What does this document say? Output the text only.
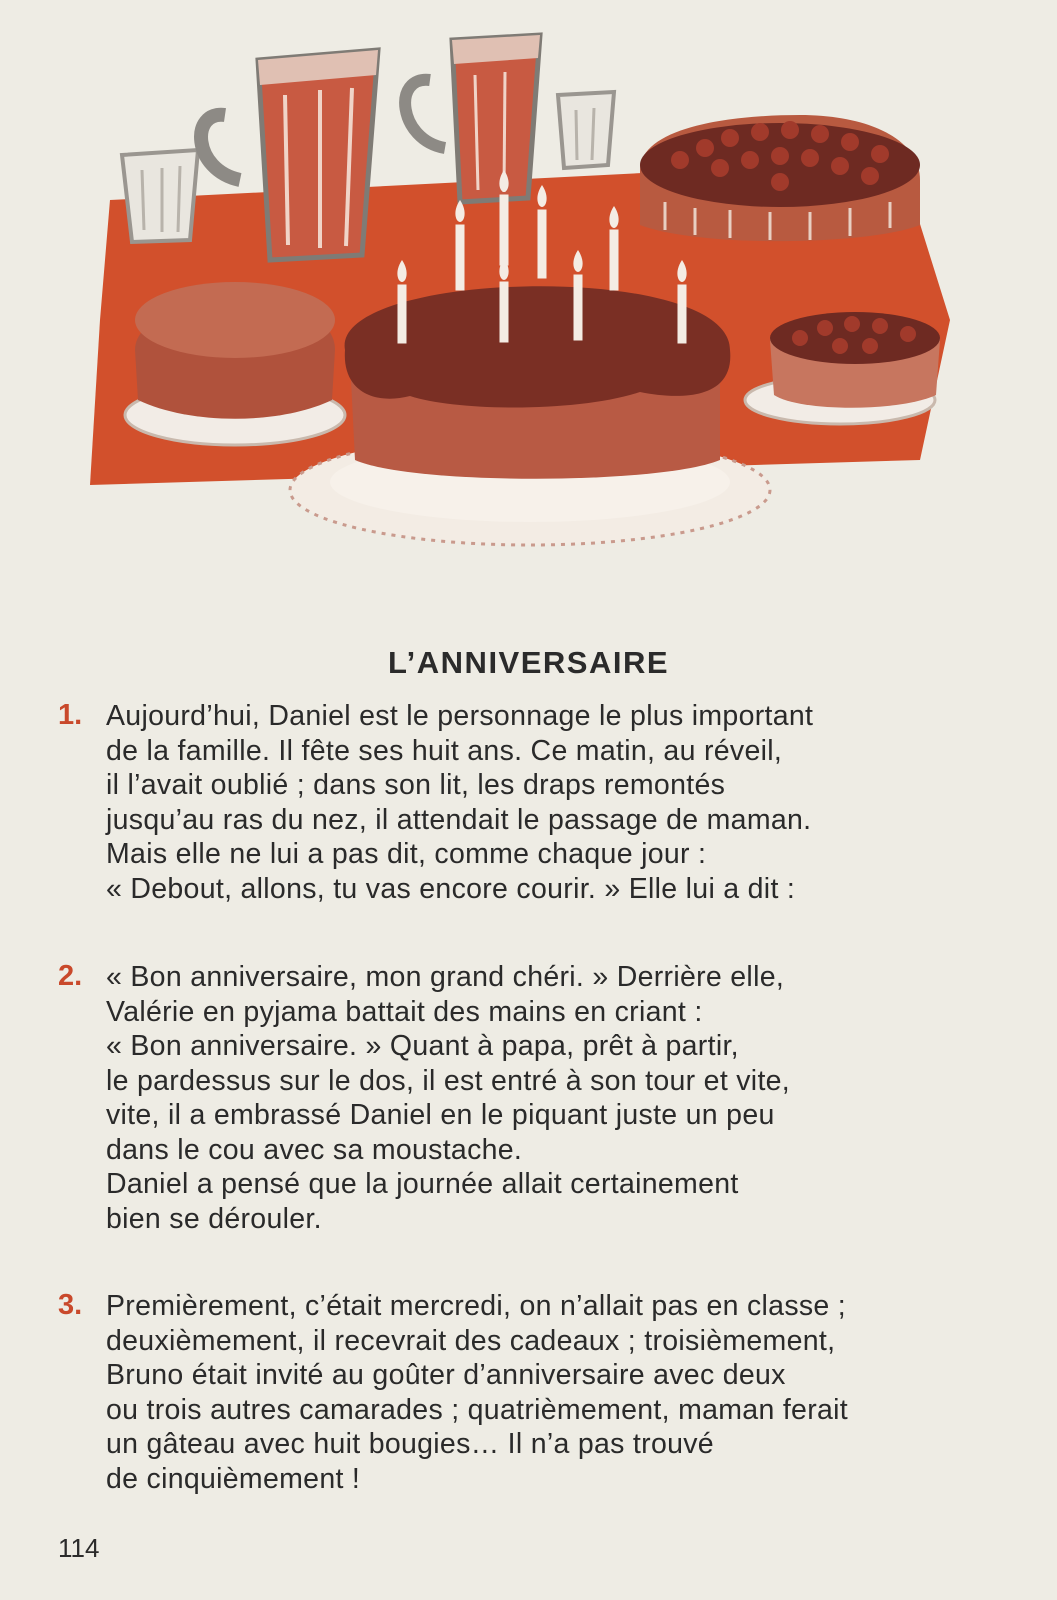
L’ANNIVERSAIRE
1. Aujourd’hui, Daniel est le personnage le plus important
de la famille. Il fête ses huit ans. Ce matin, au réveil,
il l’avait oublié ; dans son lit, les draps remontés
jusqu’au ras du nez, il attendait le passage de maman.
Mais elle ne lui a pas dit, comme chaque jour :
« Debout, allons, tu vas encore courir. » Elle lui a dit :
2. « Bon anniversaire, mon grand chéri. » Derrière elle,
Valérie en pyjama battait des mains en criant :
« Bon anniversaire. » Quant à papa, prêt à partir,
le pardessus sur le dos, il est entré à son tour et vite,
vite, il a embrassé Daniel en le piquant juste un peu
dans le cou avec sa moustache.
Daniel a pensé que la journée allait certainement
bien se dérouler.
3. Premièrement, c’était mercredi, on n’allait pas en classe ;
deuxièmement, il recevrait des cadeaux ; troisièmement,
Bruno était invité au goûter d’anniversaire avec deux
ou trois autres camarades ; quatrièmement, maman ferait
un gâteau avec huit bougies… Il n’a pas trouvé
de cinquièmement !
114
